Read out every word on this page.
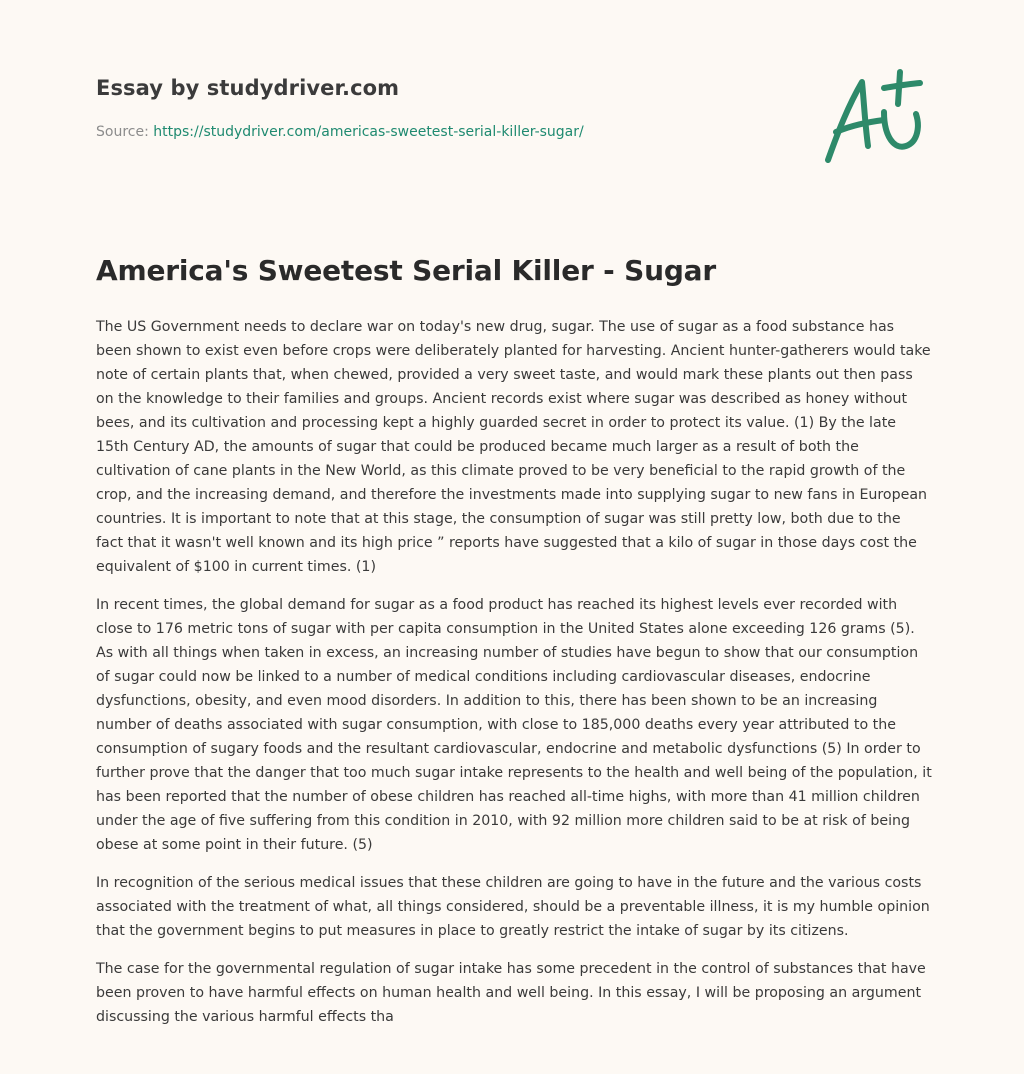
Essay by studydriver.com
Source: https://studydriver.com/americas-sweetest-serial-killer-sugar/
America's Sweetest Serial Killer - Sugar

The US Government needs to declare war on today's new drug, sugar. The use of sugar as a food substance has been shown to exist even before crops were deliberately planted for harvesting. Ancient hunter-gatherers would take note of certain plants that, when chewed, provided a very sweet taste, and would mark these plants out then pass on the knowledge to their families and groups. Ancient records exist where sugar was described as honey without bees, and its cultivation and processing kept a highly guarded secret in order to protect its value. (1) By the late 15th Century AD, the amounts of sugar that could be produced became much larger as a result of both the cultivation of cane plants in the New World, as this climate proved to be very beneficial to the rapid growth of the crop, and the increasing demand, and therefore the investments made into supplying sugar to new fans in European countries. It is important to note that at this stage, the consumption of sugar was still pretty low, both due to the fact that it wasn't well known and its high price ” reports have suggested that a kilo of sugar in those days cost the equivalent of $100 in current times. (1)

In recent times, the global demand for sugar as a food product has reached its highest levels ever recorded with close to 176 metric tons of sugar with per capita consumption in the United States alone exceeding 126 grams (5). As with all things when taken in excess, an increasing number of studies have begun to show that our consumption of sugar could now be linked to a number of medical conditions including cardiovascular diseases, endocrine dysfunctions, obesity, and even mood disorders. In addition to this, there has been shown to be an increasing number of deaths associated with sugar consumption, with close to 185,000 deaths every year attributed to the consumption of sugary foods and the resultant cardiovascular, endocrine and metabolic dysfunctions (5) In order to further prove that the danger that too much sugar intake represents to the health and well being of the population, it has been reported that the number of obese children has reached all-time highs, with more than 41 million children under the age of five suffering from this condition in 2010, with 92 million more children said to be at risk of being obese at some point in their future. (5)

In recognition of the serious medical issues that these children are going to have in the future and the various costs associated with the treatment of what, all things considered, should be a preventable illness, it is my humble opinion that the government begins to put measures in place to greatly restrict the intake of sugar by its citizens.

The case for the governmental regulation of sugar intake has some precedent in the control of substances that have been proven to have harmful effects on human health and well being. In this essay, I will be proposing an argument discussing the various harmful effects tha
